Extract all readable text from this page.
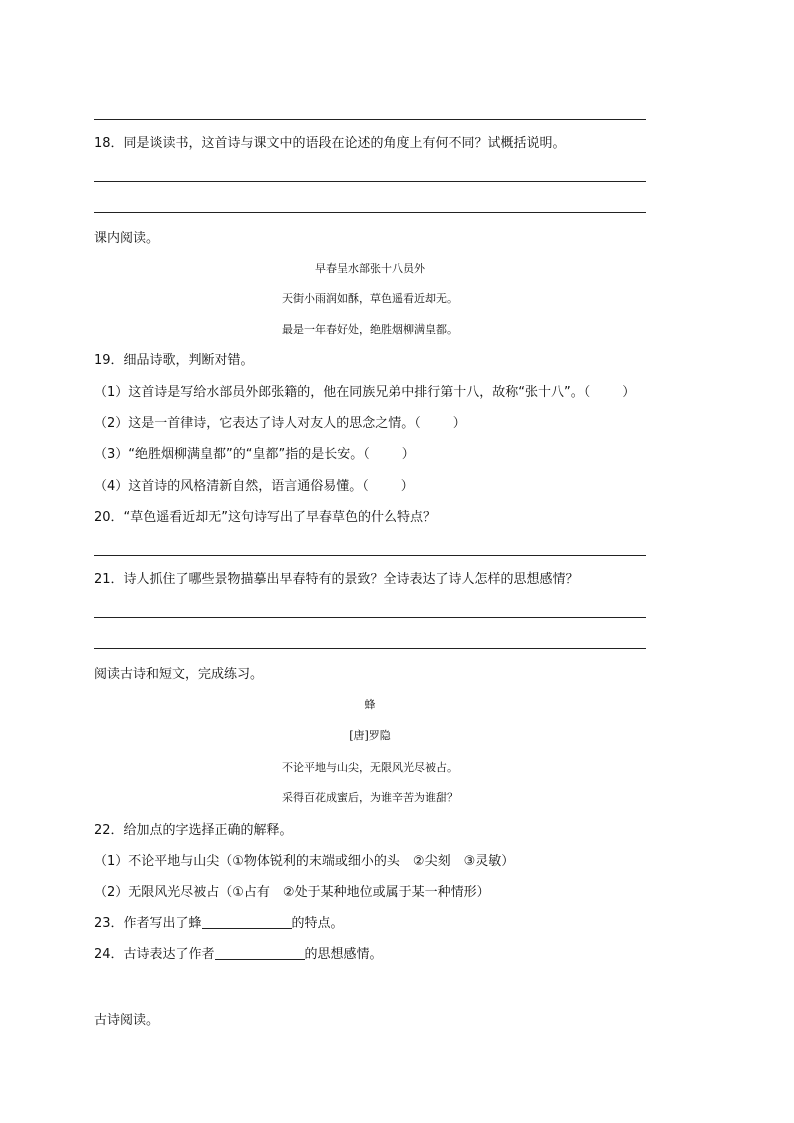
18．同是谈读书，这首诗与课文中的语段在论述的角度上有何不同？试概括说明。
课内阅读。
早春呈水部张十八员外
天街小雨润如酥，草色遥看近却无。
最是一年春好处，绝胜烟柳满皇都。
19．细品诗歌，判断对错。
（1）这首诗是写给水部员外郎张籍的，他在同族兄弟中排行第十八，故称“张十八”。（ ）
（2）这是一首律诗，它表达了诗人对友人的思念之情。（ ）
（3）“绝胜烟柳满皇都”的“皇都”指的是长安。（ ）
（4）这首诗的风格清新自然，语言通俗易懂。（ ）
20．“草色遥看近却无”这句诗写出了早春草色的什么特点？
21．诗人抓住了哪些景物描摹出早春特有的景致？全诗表达了诗人怎样的思想感情？
阅读古诗和短文，完成练习。
蜂
[唐]罗隐
不论平地与山尖，无限风光尽被占。
采得百花成蜜后，为谁辛苦为谁甜？
22．给加点的字选择正确的解释。
（1）不论平地与山尖（①物体锐利的末端或细小的头　②尖刻　③灵敏）
（2）无限风光尽被占（①占有　②处于某种地位或属于某一种情形）
23．作者写出了蜂	的特点。
24．古诗表达了作者	的思想感情。
古诗阅读。
